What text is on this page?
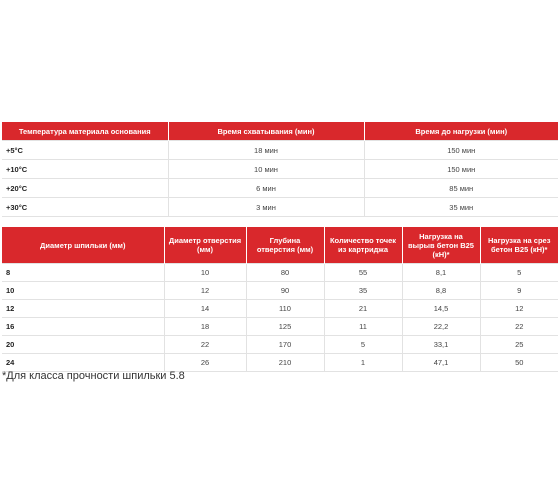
Температура материала основания	Время схватывания (мин)	Время до нагрузки (мин)
+5°C	18 мин	150 мин
+10°C	10 мин	150 мин
+20°C	6 мин	85 мин
+30°C	3 мин	35 мин
Диаметр шпильки (мм)	Диаметр отверстия (мм)	Глубина отверстия (мм)	Количество точек из картриджа	Нагрузка на вырыв бетон B25 (кН)*	Нагрузка на срез бетон B25 (кН)*
8	10	80	55	8,1	5
10	12	90	35	8,8	9
12	14	110	21	14,5	12
16	18	125	11	22,2	22
20	22	170	5	33,1	25
24	26	210	1	47,1	50
*Для класса прочности шпильки 5.8
